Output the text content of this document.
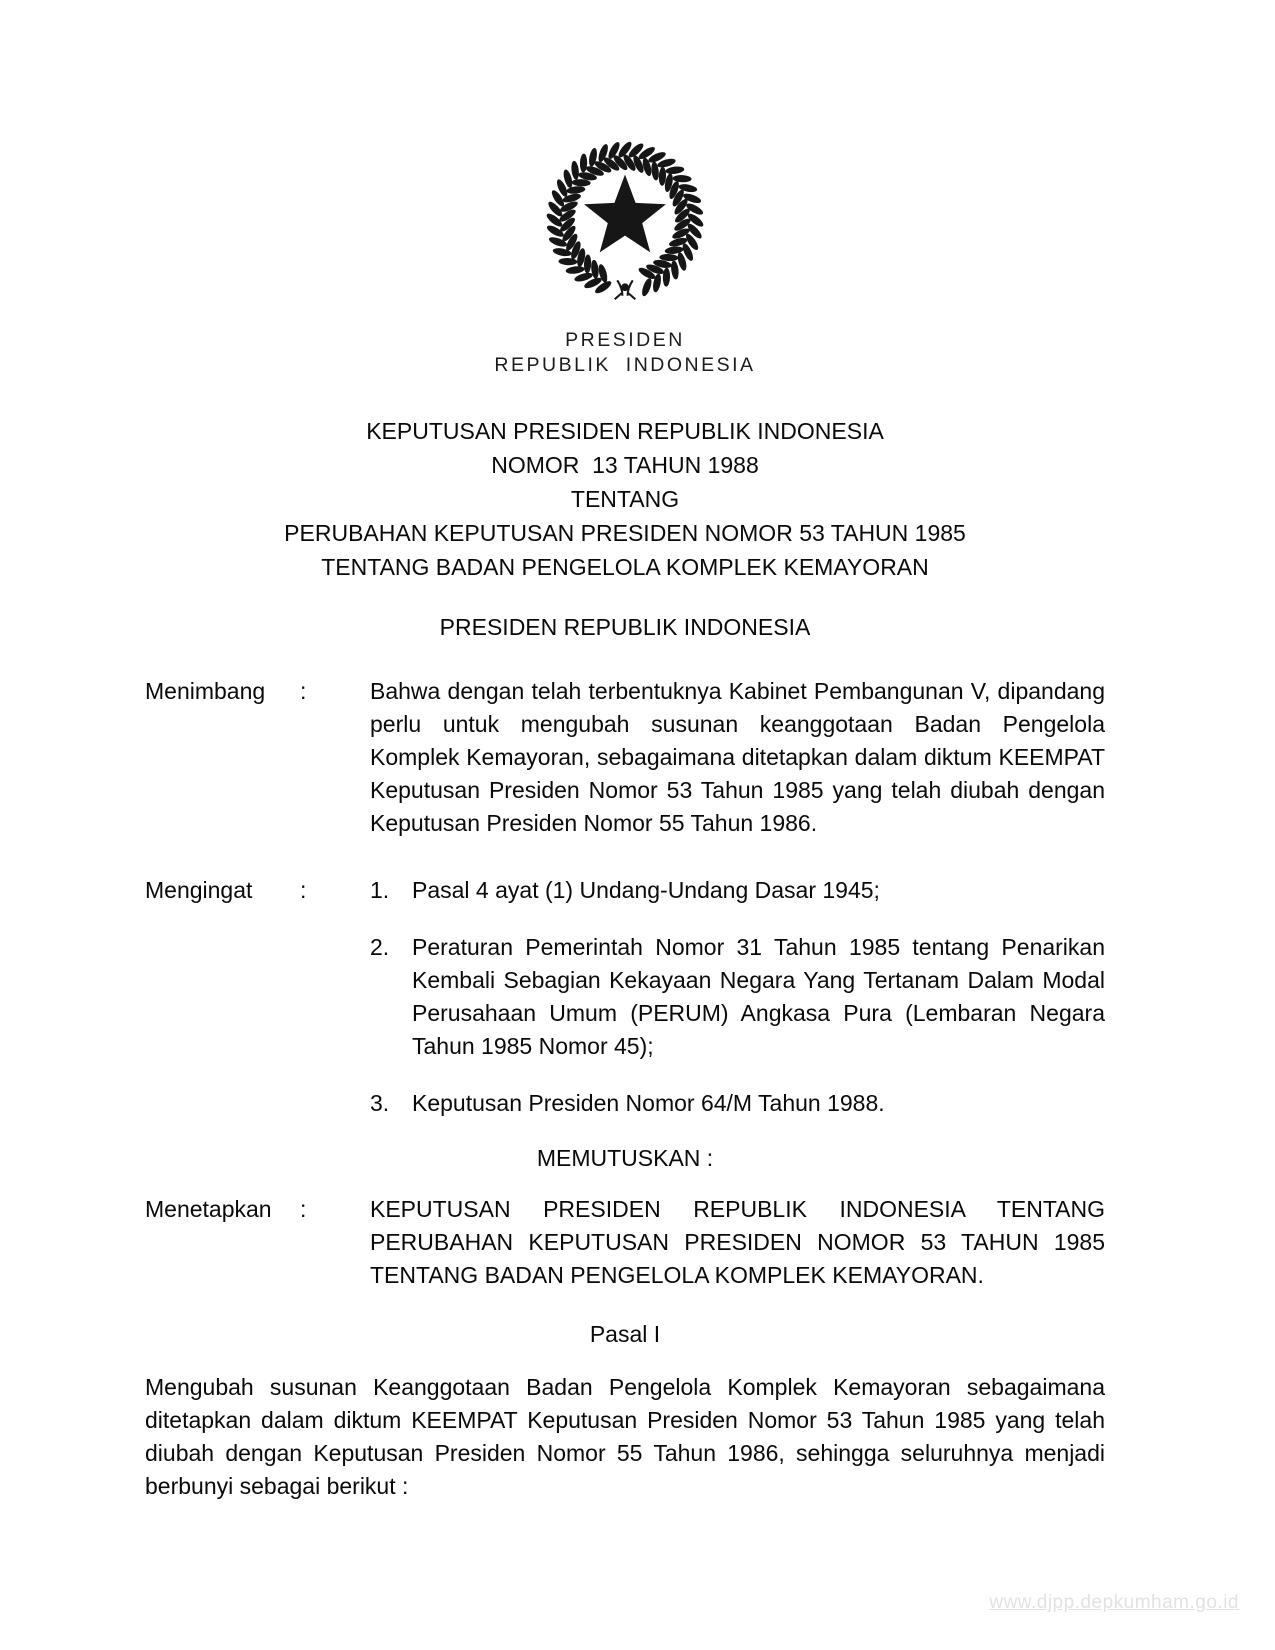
PRESIDEN
REPUBLIK INDONESIA
KEPUTUSAN PRESIDEN REPUBLIK INDONESIA
NOMOR  13 TAHUN 1988
TENTANG
PERUBAHAN KEPUTUSAN PRESIDEN NOMOR 53 TAHUN 1985
TENTANG BADAN PENGELOLA KOMPLEK KEMAYORAN
PRESIDEN REPUBLIK INDONESIA
Menimbang	:	Bahwa dengan telah terbentuknya Kabinet Pembangunan V, dipandang perlu untuk mengubah susunan keanggotaan Badan Pengelola Komplek Kemayoran, sebagaimana ditetapkan dalam diktum KEEMPAT Keputusan Presiden Nomor 53 Tahun 1985 yang telah diubah dengan Keputusan Presiden Nomor 55 Tahun 1986.
Mengingat	:	1. Pasal 4 ayat (1) Undang-Undang Dasar 1945;
2. Peraturan Pemerintah Nomor 31 Tahun 1985 tentang Penarikan Kembali Sebagian Kekayaan Negara Yang Tertanam Dalam Modal Perusahaan Umum (PERUM) Angkasa Pura (Lembaran Negara Tahun 1985 Nomor 45);
3. Keputusan Presiden Nomor 64/M Tahun 1988.
MEMUTUSKAN :
Menetapkan	:	KEPUTUSAN PRESIDEN REPUBLIK INDONESIA TENTANG PERUBAHAN KEPUTUSAN PRESIDEN NOMOR 53 TAHUN 1985 TENTANG BADAN PENGELOLA KOMPLEK KEMAYORAN.
Pasal I
Mengubah susunan Keanggotaan Badan Pengelola Komplek Kemayoran sebagaimana ditetapkan dalam diktum KEEMPAT Keputusan Presiden Nomor 53 Tahun 1985 yang telah diubah dengan Keputusan Presiden Nomor 55 Tahun 1986, sehingga seluruhnya menjadi berbunyi sebagai berikut :
www.djpp.depkumham.go.id
